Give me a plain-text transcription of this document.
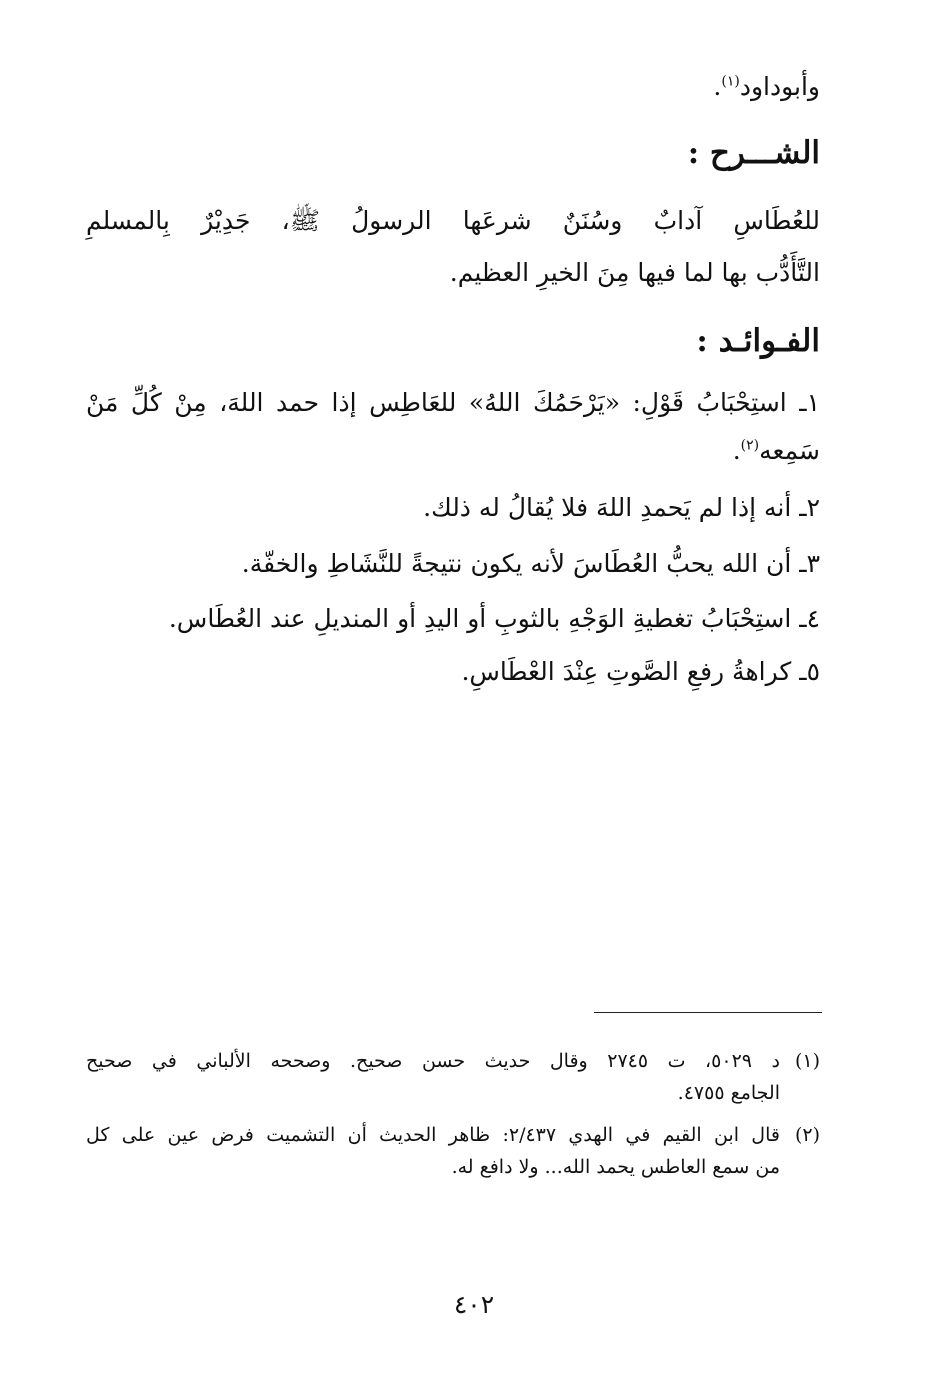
وأبوداود$^{(١)}$.
الشـــرح :
للعُطَاسِ آدابٌ وسُنَنٌ شرعَها الرسولُ ﷺ، جَدِيْرٌ بِالمسلمِ
التَّأَدُّب بها لما فيها مِنَ الخيرِ العظيم.
الفـوائـد :
١ـ استِحْبَابُ قَوْلِ: «يَرْحَمُكَ اللهُ» للعَاطِس إذا حمد اللهَ، مِنْ كُلِّ مَنْ
سَمِعه$^{(٢)}$.
٢ـ أنه إذا لم يَحمدِ اللهَ فلا يُقالُ له ذلك.
٣ـ أن الله يحبُّ العُطَاسَ لأنه يكون نتيجةً للنَّشَاطِ والخفّة.
٤ـ استِحْبَابُ تغطيةِ الوَجْهِ بالثوبِ أو اليدِ أو المنديلِ عند العُطَاس.
٥ـ كراهةُ رفعِ الصَّوتِ عِنْدَ العْطَاسِ.
(١)
د ٥٠٢٩، ت ٢٧٤٥ وقال حديث حسن صحيح. وصححه الألباني في صحيح
الجامع ٤٧٥٥.
(٢)
قال ابن القيم في الهدي ٢/٤٣٧: ظاهر الحديث أن التشميت فرض عين على كل
من سمع العاطس يحمد الله... ولا دافع له.
٤٠٢
